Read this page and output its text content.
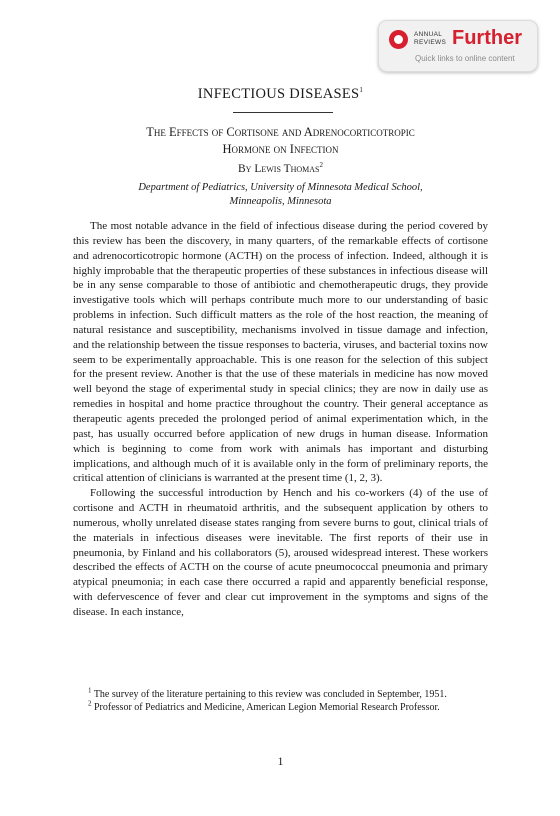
ANNUAL
REVIEWS Further
Quick links to online content
INFECTIOUS DISEASES$^1$
The Effects of Cortisone and Adrenocorticotropic
Hormone on Infection
By Lewis Thomas$^2$
Department of Pediatrics, University of Minnesota Medical School,
Minneapolis, Minnesota

The most notable advance in the field of infectious disease during the period covered by this review has been the discovery, in many quarters, of the remarkable effects of cortisone and adrenocorticotropic hormone (ACTH) on the process of infection. Indeed, although it is highly improbable that the therapeutic properties of these substances in infectious disease will be in any sense comparable to those of antibiotic and chemotherapeutic drugs, they provide investigative tools which will perhaps contribute much more to our understanding of basic problems in infection. Such difficult matters as the role of the host reaction, the meaning of natural resistance and susceptibility, mechanisms involved in tissue damage and infection, and the relationship between the tissue responses to bacteria, viruses, and bacterial toxins now seem to be experimentally approachable. This is one reason for the selection of this subject for the present review. Another is that the use of these materials in medicine has now moved well beyond the stage of experimental study in special clinics; they are now in daily use as remedies in hospital and home practice throughout the country. Their general acceptance as therapeutic agents preceded the prolonged period of animal experimentation which, in the past, has usually occurred before application of new drugs in human disease. Information which is beginning to come from work with animals has important and disturbing implications, and although much of it is available only in the form of preliminary reports, the critical attention of clinicians is warranted at the present time (1, 2, 3).

Following the successful introduction by Hench and his co-workers (4) of the use of cortisone and ACTH in rheumatoid arthritis, and the subsequent application by others to numerous, wholly unrelated disease states ranging from severe burns to gout, clinical trials of the materials in infectious diseases were inevitable. The first reports of their use in pneumonia, by Finland and his collaborators (5), aroused widespread interest. These workers described the effects of ACTH on the course of acute pneumococcal pneumonia and primary atypical pneumonia; in each case there occurred a rapid and apparently beneficial response, with defervescence of fever and clear cut improvement in the symptoms and signs of the disease. In each instance,

$^1$ The survey of the literature pertaining to this review was concluded in September, 1951.

$^2$ Professor of Pediatrics and Medicine, American Legion Memorial Research Professor.

1
